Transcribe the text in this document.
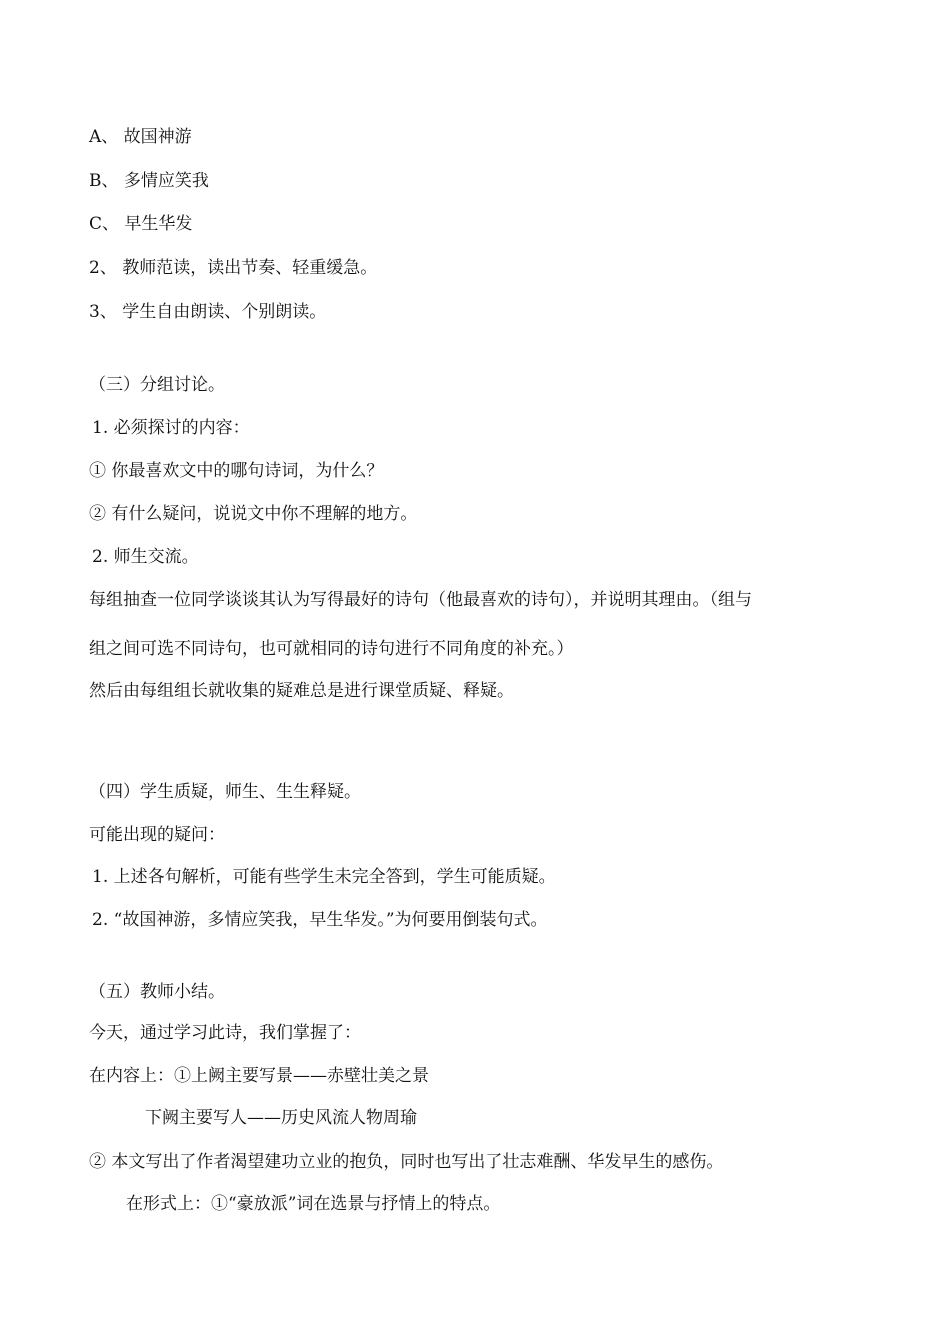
A、 故国神游
B、 多情应笑我
C、 早生华发
2、 教师范读，读出节奏、轻重缓急。
3、 学生自由朗读、个别朗读。
（三）分组讨论。
1. 必须探讨的内容：
① 你最喜欢文中的哪句诗词，为什么？
② 有什么疑问，说说文中你不理解的地方。
2. 师生交流。
每组抽查一位同学谈谈其认为写得最好的诗句（他最喜欢的诗句），并说明其理由。（组与
组之间可选不同诗句，也可就相同的诗句进行不同角度的补充。）
然后由每组组长就收集的疑难总是进行课堂质疑、释疑。
（四）学生质疑，师生、生生释疑。
可能出现的疑问：
1. 上述各句解析，可能有些学生未完全答到，学生可能质疑。
2. “故国神游，多情应笑我，早生华发。”为何要用倒装句式。
（五）教师小结。
今天，通过学习此诗，我们掌握了：
在内容上：①上阙主要写景——赤壁壮美之景
下阙主要写人——历史风流人物周瑜
② 本文写出了作者渴望建功立业的抱负，同时也写出了壮志难酬、华发早生的感伤。
在形式上：①“豪放派”词在选景与抒情上的特点。
